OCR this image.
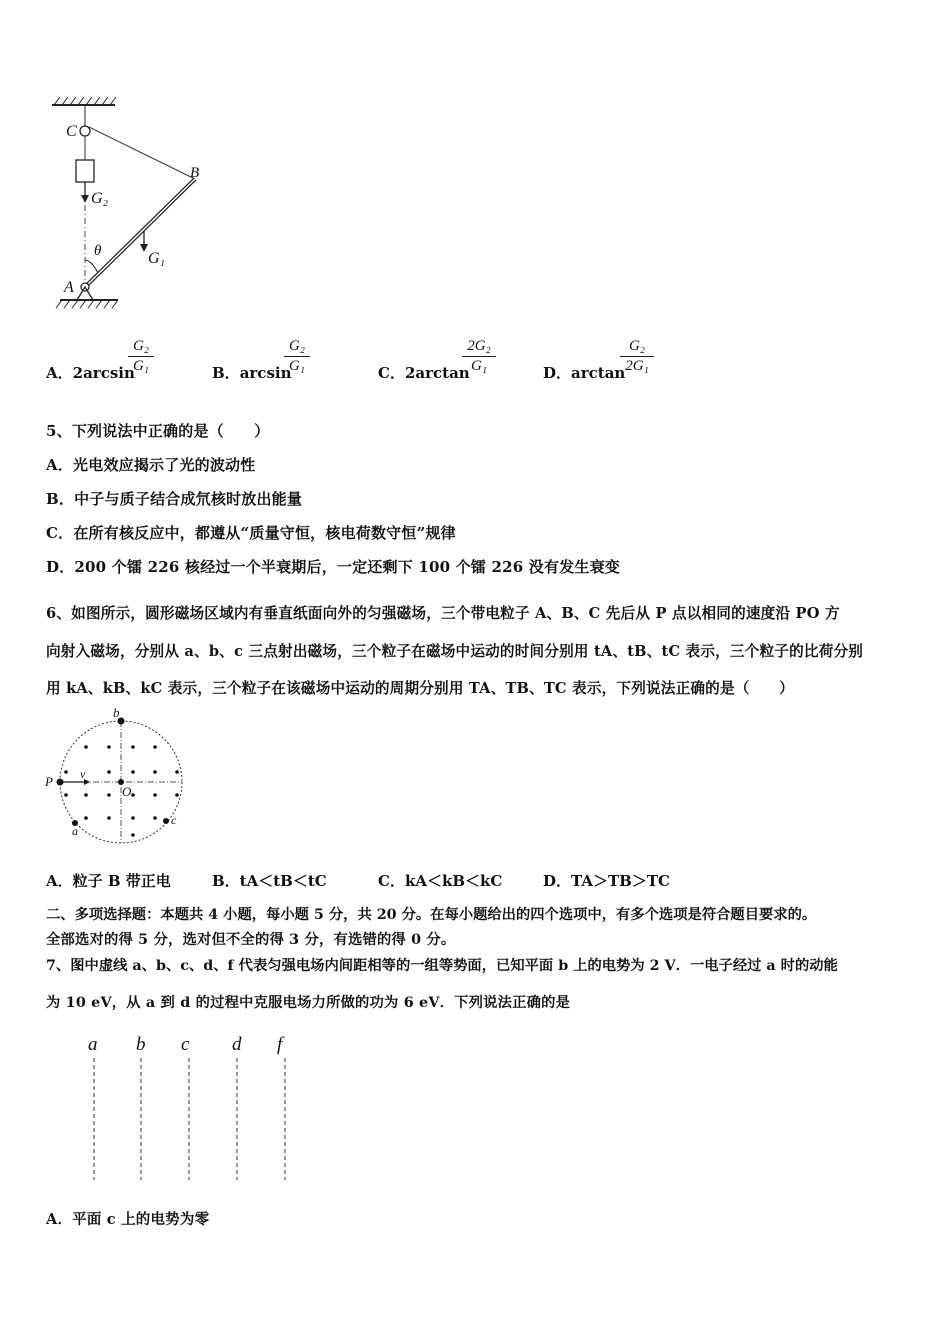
C
B
G₂
θ	G₁
A
A．2arcsin
G₂
G₁	B．arcsin
G₂
G₁	C．2arctan
2G₂
G₁	D．arctan
G₂
2G₁
5、下列说法中正确的是（　　）
A．光电效应揭示了光的波动性
B．中子与质子结合成氘核时放出能量
C．在所有核反应中，都遵从“质量守恒，核电荷数守恒”规律
D．200 个镭 226 核经过一个半衰期后，一定还剩下 100 个镭 226 没有发生衰变
6、如图所示，圆形磁场区域内有垂直纸面向外的匀强磁场，三个带电粒子 A、B、C 先后从 P 点以相同的速度沿 PO 方
向射入磁场，分别从 a、b、c 三点射出磁场，三个粒子在磁场中运动的时间分别用 tA、tB、tC 表示，三个粒子的比荷分别
用 kA、kB、kC 表示，三个粒子在该磁场中运动的周期分别用 TA、TB、TC 表示，下列说法正确的是（　　）
b
P v
O
a
c
A．粒子 B 带正电	B．tA＜tB＜tC	C．kA＜kB＜kC	D．TA＞TB＞TC
二、多项选择题：本题共 4 小题，每小题 5 分，共 20 分。在每小题给出的四个选项中，有多个选项是符合题目要求的。
全部选对的得 5 分，选对但不全的得 3 分，有选错的得 0 分。
7、图中虚线 a、b、c、d、f 代表匀强电场内间距相等的一组等势面，已知平面 b 上的电势为 2 V．一电子经过 a 时的动能
为 10 eV，从 a 到 d 的过程中克服电场力所做的功为 6 eV．下列说法正确的是
a b c d f
A．平面 c 上的电势为零
